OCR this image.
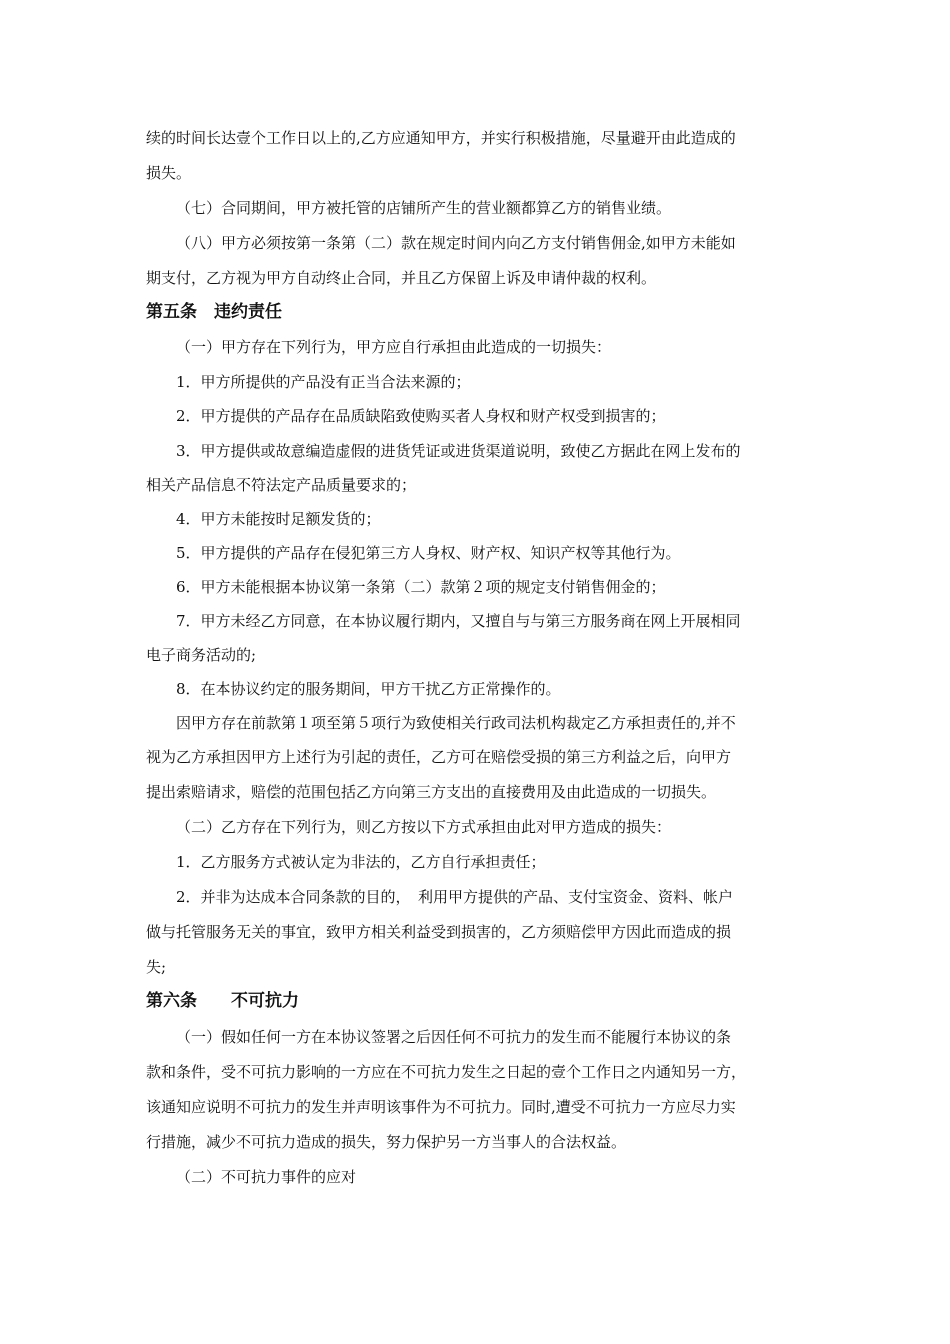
续的时间长达壹个工作日以上的,乙方应通知甲方，并实行积极措施，尽量避开由此造成的
损失。
（七）合同期间，甲方被托管的店铺所产生的营业额都算乙方的销售业绩。
（八）甲方必须按第一条第（二）款在规定时间内向乙方支付销售佣金,如甲方未能如
期支付，乙方视为甲方自动终止合同，并且乙方保留上诉及申请仲裁的权利。
第五条　违约责任
（一）甲方存在下列行为，甲方应自行承担由此造成的一切损失：
1．甲方所提供的产品没有正当合法来源的；
2．甲方提供的产品存在品质缺陷致使购买者人身权和财产权受到损害的；
3．甲方提供或故意编造虚假的进货凭证或进货渠道说明，致使乙方据此在网上发布的
相关产品信息不符法定产品质量要求的；
4．甲方未能按时足额发货的；
5．甲方提供的产品存在侵犯第三方人身权、财产权、知识产权等其他行为。
6．甲方未能根据本协议第一条第（二）款第２项的规定支付销售佣金的；
7．甲方未经乙方同意，在本协议履行期内，又擅自与与第三方服务商在网上开展相同
电子商务活动的;
8．在本协议约定的服务期间，甲方干扰乙方正常操作的。
因甲方存在前款第１项至第５项行为致使相关行政司法机构裁定乙方承担责任的,并不
视为乙方承担因甲方上述行为引起的责任，乙方可在赔偿受损的第三方利益之后，向甲方
提出索赔请求，赔偿的范围包括乙方向第三方支出的直接费用及由此造成的一切损失。
（二）乙方存在下列行为，则乙方按以下方式承担由此对甲方造成的损失：
1．乙方服务方式被认定为非法的，乙方自行承担责任；
2．并非为达成本合同条款的目的，　利用甲方提供的产品、支付宝资金、资料、帐户
做与托管服务无关的事宜，致甲方相关利益受到损害的，乙方须赔偿甲方因此而造成的损
失;
第六条　　不可抗力
（一）假如任何一方在本协议签署之后因任何不可抗力的发生而不能履行本协议的条
款和条件，受不可抗力影响的一方应在不可抗力发生之日起的壹个工作日之内通知另一方，
该通知应说明不可抗力的发生并声明该事件为不可抗力。同时,遭受不可抗力一方应尽力实
行措施，减少不可抗力造成的损失，努力保护另一方当事人的合法权益。
（二）不可抗力事件的应对
